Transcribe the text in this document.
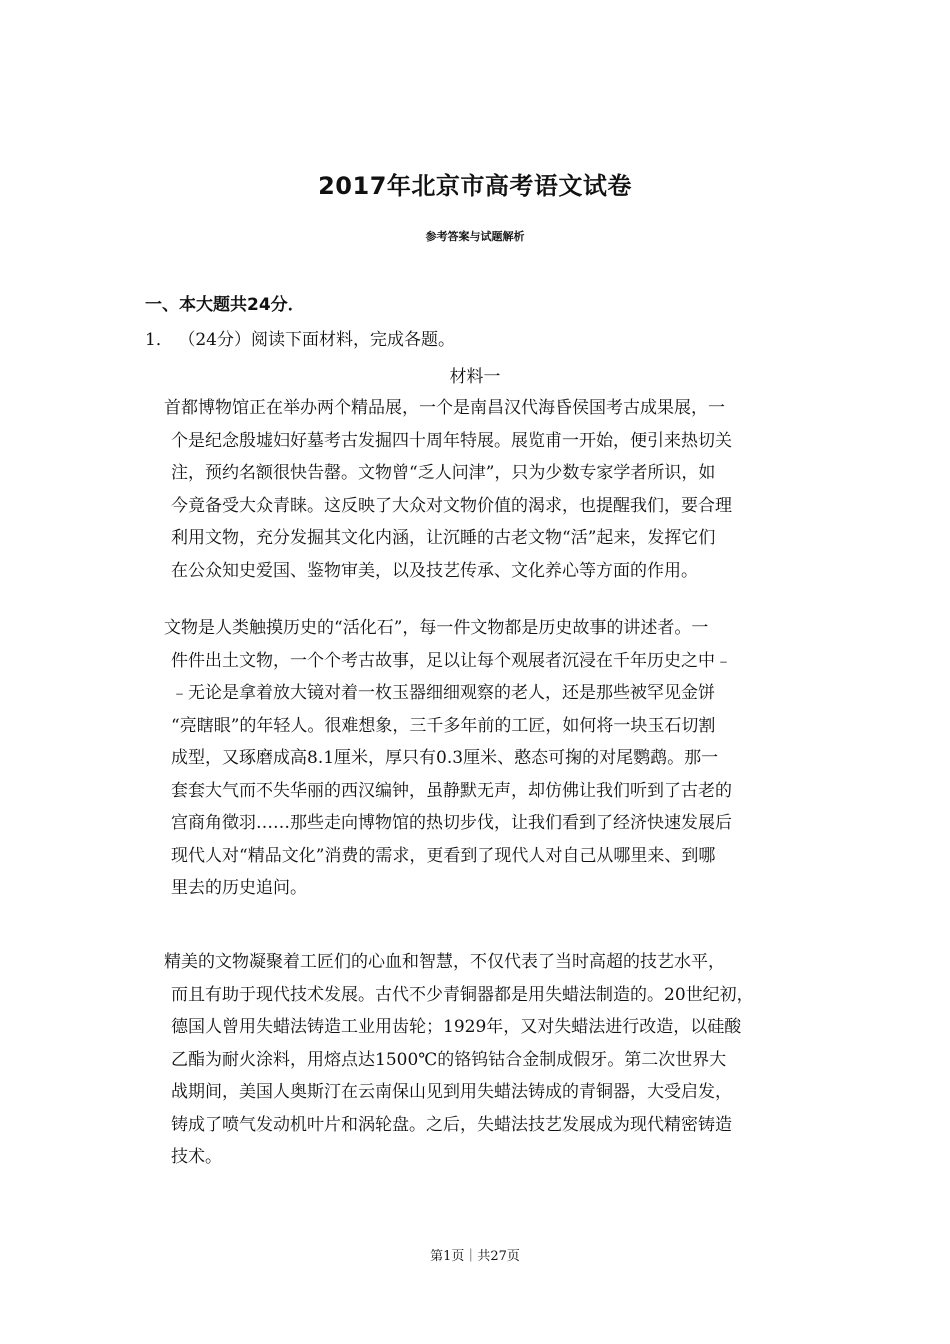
2017年北京市高考语文试卷
参考答案与试题解析
一、本大题共24分．
1． （24分）阅读下面材料，完成各题。
材料一
首都博物馆正在举办两个精品展，一个是南昌汉代海昏侯国考古成果展，一
个是纪念殷墟妇好墓考古发掘四十周年特展。展览甫一开始，便引来热切关
注，预约名额很快告罄。文物曾“乏人问津”，只为少数专家学者所识，如
今竟备受大众青睐。这反映了大众对文物价值的渴求，也提醒我们，要合理
利用文物，充分发掘其文化内涵，让沉睡的古老文物“活”起来，发挥它们
在公众知史爱国、鉴物审美，以及技艺传承、文化养心等方面的作用。
文物是人类触摸历史的“活化石”，每一件文物都是历史故事的讲述者。一
件件出土文物，一个个考古故事，足以让每个观展者沉浸在千年历史之中﹣
﹣无论是拿着放大镜对着一枚玉器细细观察的老人，还是那些被罕见金饼
“亮瞎眼”的年轻人。很难想象，三千多年前的工匠，如何将一块玉石切割
成型，又琢磨成高8.1厘米，厚只有0.3厘米、憨态可掬的对尾鹦鹉。那一
套套大气而不失华丽的西汉编钟，虽静默无声，却仿佛让我们听到了古老的
宫商角徵羽……那些走向博物馆的热切步伐，让我们看到了经济快速发展后
现代人对“精品文化”消费的需求，更看到了现代人对自己从哪里来、到哪
里去的历史追问。
精美的文物凝聚着工匠们的心血和智慧，不仅代表了当时高超的技艺水平，
而且有助于现代技术发展。古代不少青铜器都是用失蜡法制造的。20世纪初，
德国人曾用失蜡法铸造工业用齿轮；1929年，又对失蜡法进行改造，以硅酸
乙酯为耐火涂料，用熔点达1500℃的铬钨钴合金制成假牙。第二次世界大
战期间，美国人奥斯汀在云南保山见到用失蜡法铸成的青铜器，大受启发，
铸成了喷气发动机叶片和涡轮盘。之后，失蜡法技艺发展成为现代精密铸造
技术。
第1页｜共27页
